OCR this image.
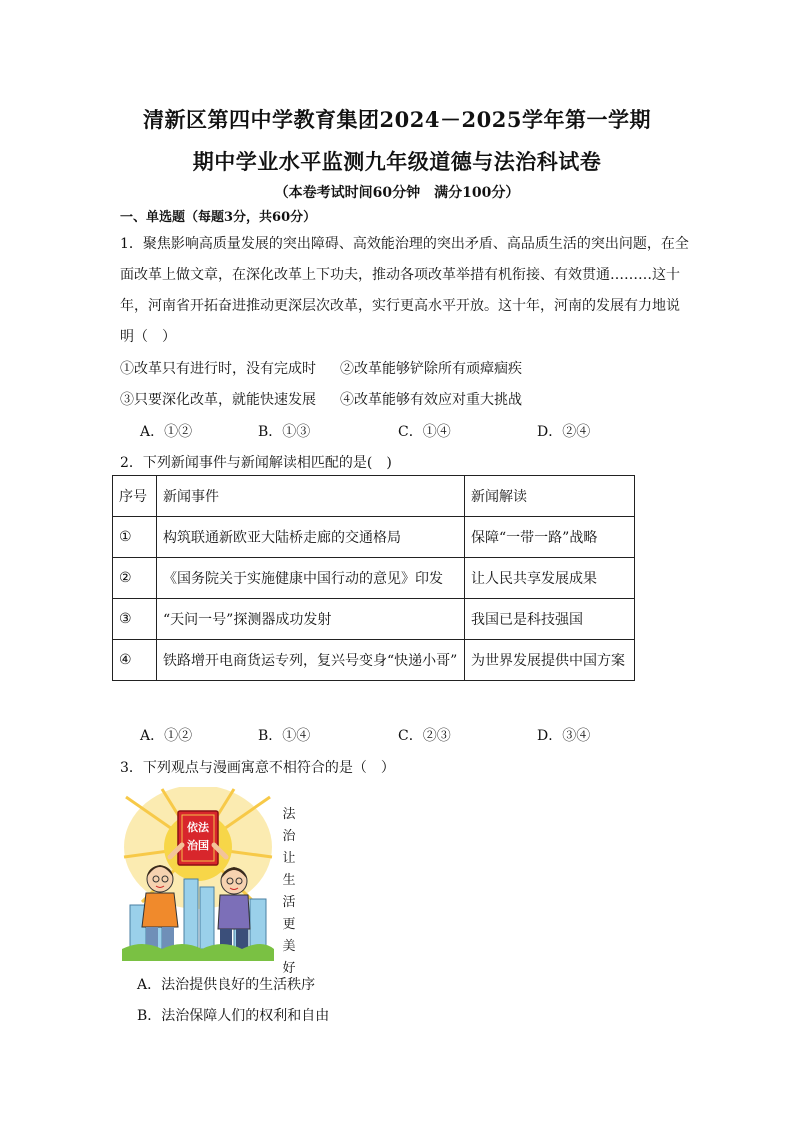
清新区第四中学教育集团2024－2025学年第一学期
期中学业水平监测九年级道德与法治科试卷
（本卷考试时间60分钟　满分100分）
一、单选题（每题3分，共60分）
1．聚焦影响高质量发展的突出障碍、高效能治理的突出矛盾、高品质生活的突出问题，在全
面改革上做文章，在深化改革上下功夫，推动各项改革举措有机衔接、有效贯通………这十
年，河南省开拓奋进推动更深层次改革，实行更高水平开放。这十年，河南的发展有力地说
明（　）
①改革只有进行时，没有完成时 ②改革能够铲除所有顽瘴痼疾
③只要深化改革，就能快速发展 ④改革能够有效应对重大挑战
A．①②	B．①③	C．①④	D．②④
2．下列新闻事件与新闻解读相匹配的是(　)
序号	新闻事件	新闻解读
①	构筑联通新欧亚大陆桥走廊的交通格局	保障“一带一路”战略
②	《国务院关于实施健康中国行动的意见》印发	让人民共享发展成果
③	“天问一号”探测器成功发射	我国已是科技强国
④	铁路增开电商货运专列，复兴号变身“快递小哥”	为世界发展提供中国方案
A．①②	B．①④	C．②③	D．③④
3．下列观点与漫画寓意不相符合的是（　）
依法
治国
法
治
让
生
活
更
美
好
A．法治提供良好的生活秩序
B．法治保障人们的权利和自由
